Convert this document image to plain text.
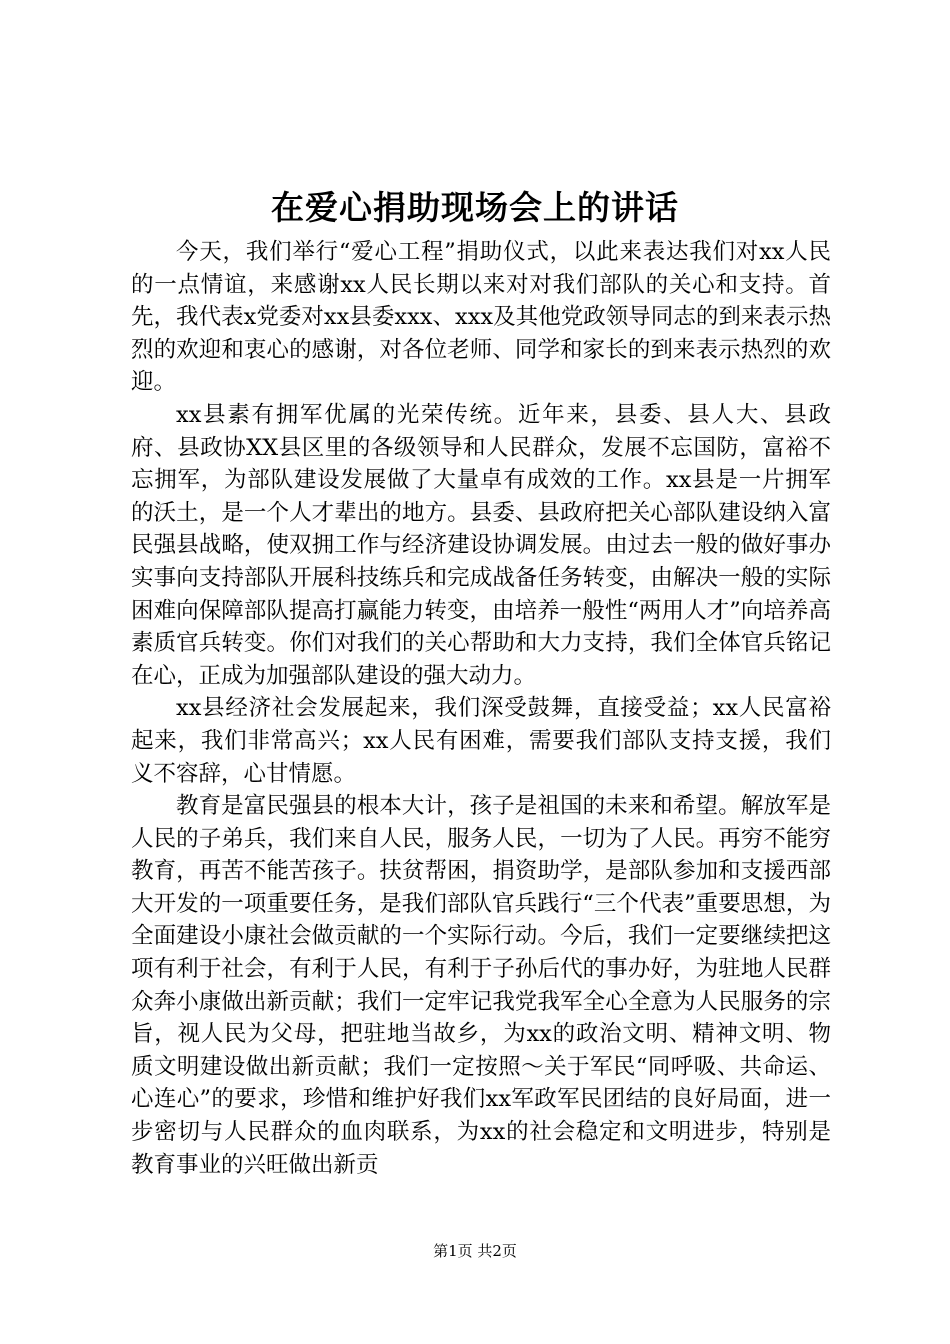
在爱心捐助现场会上的讲话

今天，我们举行“爱心工程”捐助仪式，以此来表达我们对xx人民的一点情谊，来感谢xx人民长期以来对对我们部队的关心和支持。首先，我代表x党委对xx县委xxx、xxx及其他党政领导同志的到来表示热烈的欢迎和衷心的感谢，对各位老师、同学和家长的到来表示热烈的欢迎。

xx县素有拥军优属的光荣传统。近年来，县委、县人大、县政府、县政协XX县区里的各级领导和人民群众，发展不忘国防，富裕不忘拥军，为部队建设发展做了大量卓有成效的工作。xx县是一片拥军的沃土，是一个人才辈出的地方。县委、县政府把关心部队建设纳入富民强县战略，使双拥工作与经济建设协调发展。由过去一般的做好事办实事向支持部队开展科技练兵和完成战备任务转变，由解决一般的实际困难向保障部队提高打赢能力转变，由培养一般性“两用人才”向培养高素质官兵转变。你们对我们的关心帮助和大力支持，我们全体官兵铭记在心，正成为加强部队建设的强大动力。

xx县经济社会发展起来，我们深受鼓舞，直接受益；xx人民富裕起来，我们非常高兴；xx人民有困难，需要我们部队支持支援，我们义不容辞，心甘情愿。

教育是富民强县的根本大计，孩子是祖国的未来和希望。解放军是人民的子弟兵，我们来自人民，服务人民，一切为了人民。再穷不能穷教育，再苦不能苦孩子。扶贫帮困，捐资助学，是部队参加和支援西部大开发的一项重要任务，是我们部队官兵践行“三个代表”重要思想，为全面建设小康社会做贡献的一个实际行动。今后，我们一定要继续把这项有利于社会，有利于人民，有利于子孙后代的事办好，为驻地人民群众奔小康做出新贡献；我们一定牢记我党我军全心全意为人民服务的宗旨，视人民为父母，把驻地当故乡，为xx的政治文明、精神文明、物质文明建设做出新贡献；我们一定按照～关于军民“同呼吸、共命运、心连心”的要求，珍惜和维护好我们xx军政军民团结的良好局面，进一步密切与人民群众的血肉联系，为xx的社会稳定和文明进步，特别是教育事业的兴旺做出新贡

第1页 共2页
